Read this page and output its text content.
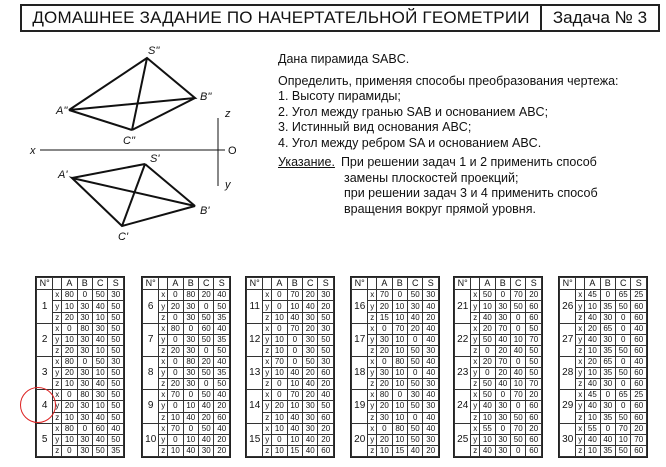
ДОМАШНЕЕ ЗАДАНИЕ ПО НАЧЕРТАТЕЛЬНОЙ ГЕОМЕТРИИ	Задача № 3
x	O
z
y
S''
A''
B''
C''
S'
A'
B'
C'
Дана пирамида SABC.
Определить, применяя способы преобразования чертежа:
1. Высоту пирамиды;
2. Угол между гранью SAB и основанием ABC;
3. Истинный вид основания ABC;
4. Угол между ребром SA и основанием ABC.
Указание. При решении задач 1 и 2 применить способ
замены плоскостей проекций;
при решении задач 3 и 4 применить способ
вращения вокруг прямой уровня.
N°		A	B	C	S
1	x	80	0	50	30
	y	10	30	40	50
	z	20	30	10	50
2	x	0	80	30	50
	y	10	30	40	50
	z	20	30	10	50
3	x	80	0	50	30
	y	20	30	10	50
	z	10	30	40	50
4	x	0	80	30	50
	y	20	30	10	50
	z	10	30	40	50
5	x	80	0	60	40
	y	10	30	40	50
	z	0	30	50	35
N°		A	B	C	S
6	x	0	80	20	40
	y	20	30	0	50
	z	0	30	50	35
7	x	80	0	60	40
	y	0	30	50	35
	z	20	30	0	50
8	x	0	80	20	40
	y	0	30	50	35
	z	20	30	0	50
9	x	70	0	50	40
	y	0	10	40	20
	z	10	40	20	60
10	x	70	0	50	40
	y	0	10	40	20
	z	10	40	30	20
N°		A	B	C	S
11	x	0	70	20	30
	y	0	10	40	20
	z	10	40	30	50
12	x	0	70	20	30
	y	10	0	30	50
	z	10	0	30	50
13	x	70	0	50	30
	y	10	40	20	60
	z	0	10	40	20
14	x	0	70	20	40
	y	20	10	30	50
	z	10	40	30	60
15	x	10	40	30	20
	y	0	10	40	20
	z	10	15	40	60
N°		A	B	C	S
16	x	70	0	50	30
	y	20	10	30	40
	z	15	10	40	20
17	x	0	70	20	40
	y	30	10	0	40
	z	20	10	50	30
18	x	0	80	50	40
	y	30	10	0	40
	z	20	10	50	30
19	x	80	0	30	40
	y	20	10	50	30
	z	30	10	0	40
20	x	0	80	50	40
	y	20	10	50	30
	z	10	15	40	20
N°		A	B	C	S
21	x	50	0	70	20
	y	10	30	50	60
	z	40	30	0	60
22	x	20	70	0	50
	y	50	40	10	70
	z	0	20	40	50
23	x	20	70	0	50
	y	0	20	40	50
	z	50	40	10	70
24	x	50	0	70	20
	y	40	30	0	60
	z	10	30	50	60
25	x	55	0	70	20
	y	10	30	50	60
	z	40	30	0	60
N°		A	B	C	S
26	x	45	0	65	25
	y	10	35	50	60
	z	40	30	0	60
27	x	20	65	0	40
	y	40	30	0	60
	z	10	35	50	60
28	x	20	65	0	40
	y	10	35	50	60
	z	40	30	0	60
29	x	45	0	65	25
	y	40	30	0	60
	z	10	35	50	60
30	x	55	0	70	20
	y	40	40	10	70
	z	10	35	50	60
